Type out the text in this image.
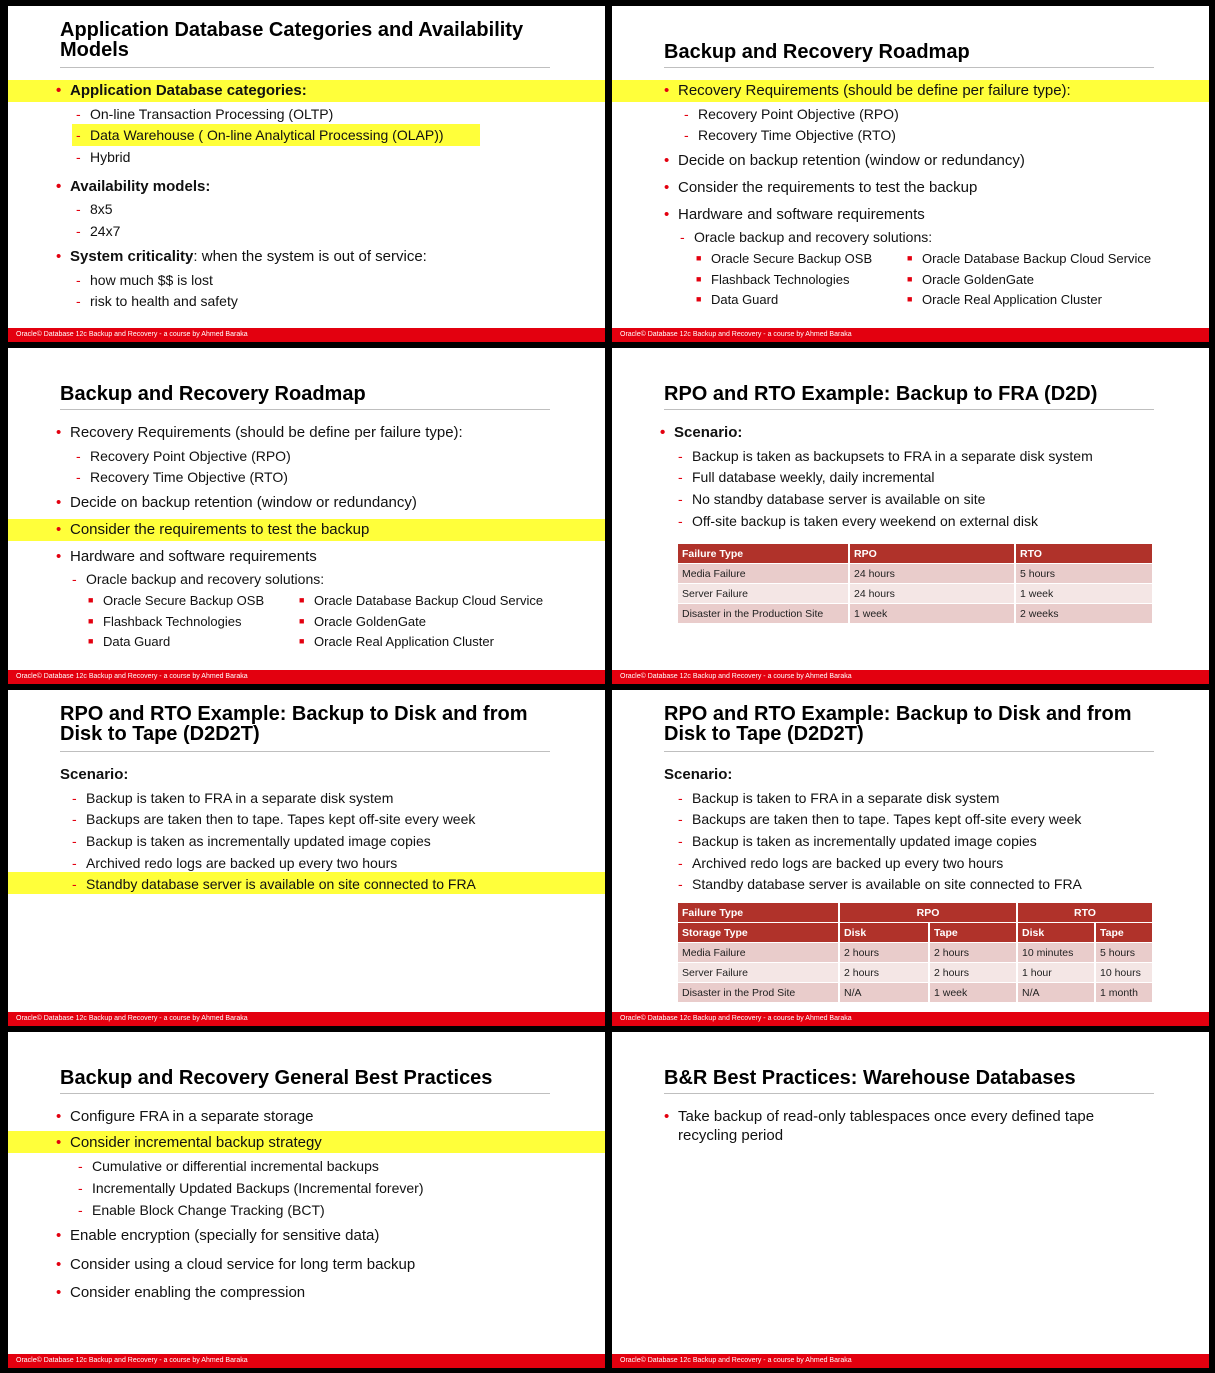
Application Database Categories and Availability Models
• Application Database categories:
- On-line Transaction Processing (OLTP)
- Data Warehouse ( On-line Analytical Processing (OLAP))
- Hybrid
• Availability models:
- 8x5
- 24x7
• System criticality: when the system is out of service:
- how much $$ is lost
- risk to health and safety
Oracle© Database 12c Backup and Recovery - a course by Ahmed Baraka
Backup and Recovery Roadmap
• Recovery Requirements (should be define per failure type):
- Recovery Point Objective (RPO)
- Recovery Time Objective (RTO)
• Decide on backup retention (window or redundancy)
• Consider the requirements to test the backup
• Hardware and software requirements
- Oracle backup and recovery solutions:
■ Oracle Secure Backup OSB
■ Flashback Technologies
■ Data Guard
■ Oracle Database Backup Cloud Service
■ Oracle GoldenGate
■ Oracle Real Application Cluster
Oracle© Database 12c Backup and Recovery - a course by Ahmed Baraka
Backup and Recovery Roadmap
• Recovery Requirements (should be define per failure type):
- Recovery Point Objective (RPO)
- Recovery Time Objective (RTO)
• Decide on backup retention (window or redundancy)
• Consider the requirements to test the backup
• Hardware and software requirements
- Oracle backup and recovery solutions:
■ Oracle Secure Backup OSB
■ Flashback Technologies
■ Data Guard
■ Oracle Database Backup Cloud Service
■ Oracle GoldenGate
■ Oracle Real Application Cluster
Oracle© Database 12c Backup and Recovery - a course by Ahmed Baraka
RPO and RTO Example: Backup to FRA (D2D)
• Scenario:
- Backup is taken as backupsets to FRA in a separate disk system
- Full database weekly, daily incremental
- No standby database server is available on site
- Off-site backup is taken every weekend on external disk
Failure Type	RPO	RTO
Media Failure	24 hours	5 hours
Server Failure	24 hours	1 week
Disaster in the Production Site	1 week	2 weeks
Oracle© Database 12c Backup and Recovery - a course by Ahmed Baraka
RPO and RTO Example: Backup to Disk and from Disk to Tape (D2D2T)
Scenario:
- Backup is taken to FRA in a separate disk system
- Backups are taken then to tape. Tapes kept off-site every week
- Backup is taken as incrementally updated image copies
- Archived redo logs are backed up every two hours
- Standby database server is available on site connected to FRA
Oracle© Database 12c Backup and Recovery - a course by Ahmed Baraka
RPO and RTO Example: Backup to Disk and from Disk to Tape (D2D2T)
Scenario:
- Backup is taken to FRA in a separate disk system
- Backups are taken then to tape. Tapes kept off-site every week
- Backup is taken as incrementally updated image copies
- Archived redo logs are backed up every two hours
- Standby database server is available on site connected to FRA
Failure Type	RPO		RTO	
Storage Type	Disk	Tape	Disk	Tape
Media Failure	2 hours	2 hours	10 minutes	5 hours
Server Failure	2 hours	2 hours	1 hour	10 hours
Disaster in the Prod Site	N/A	1 week	N/A	1 month
Oracle© Database 12c Backup and Recovery - a course by Ahmed Baraka
Backup and Recovery General Best Practices
• Configure FRA in a separate storage
• Consider incremental backup strategy
- Cumulative or differential incremental backups
- Incrementally Updated Backups (Incremental forever)
- Enable Block Change Tracking (BCT)
• Enable encryption (specially for sensitive data)
• Consider using a cloud service for long term backup
• Consider enabling the compression
Oracle© Database 12c Backup and Recovery - a course by Ahmed Baraka
B&R Best Practices: Warehouse Databases
• Take backup of read-only tablespaces once every defined tape
recycling period
Oracle© Database 12c Backup and Recovery - a course by Ahmed Baraka
